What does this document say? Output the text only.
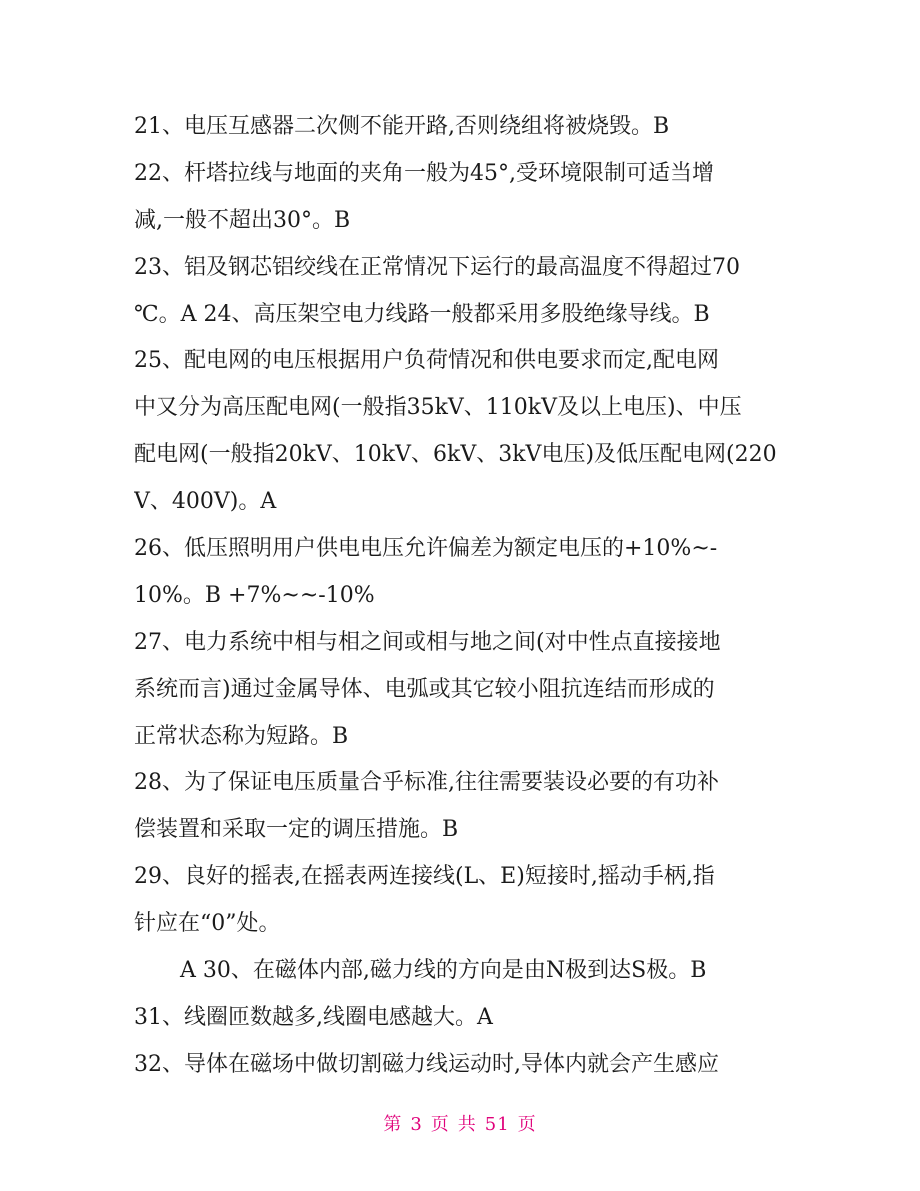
21、电压互感器二次侧不能开路,否则绕组将被烧毁。B
22、杆塔拉线与地面的夹角一般为45°,受环境限制可适当增
减,一般不超出30°。B
23、铝及钢芯铝绞线在正常情况下运行的最高温度不得超过70
℃。A 24、高压架空电力线路一般都采用多股绝缘导线。B
25、配电网的电压根据用户负荷情况和供电要求而定,配电网
中又分为高压配电网(一般指35kV、110kV及以上电压)、中压
配电网(一般指20kV、10kV、6kV、3kV电压)及低压配电网(220
V、400V)。A
26、低压照明用户供电电压允许偏差为额定电压的+10%~-
10%。B +7%~~-10%
27、电力系统中相与相之间或相与地之间(对中性点直接接地
系统而言)通过金属导体、电弧或其它较小阻抗连结而形成的
正常状态称为短路。B
28、为了保证电压质量合乎标准,往往需要装设必要的有功补
偿装置和采取一定的调压措施。B
29、良好的摇表,在摇表两连接线(L、E)短接时,摇动手柄,指
针应在“0”处。
A 30、在磁体内部,磁力线的方向是由N极到达S极。B
31、线圈匝数越多,线圈电感越大。A
32、导体在磁场中做切割磁力线运动时,导体内就会产生感应
第 3 页 共 51 页
